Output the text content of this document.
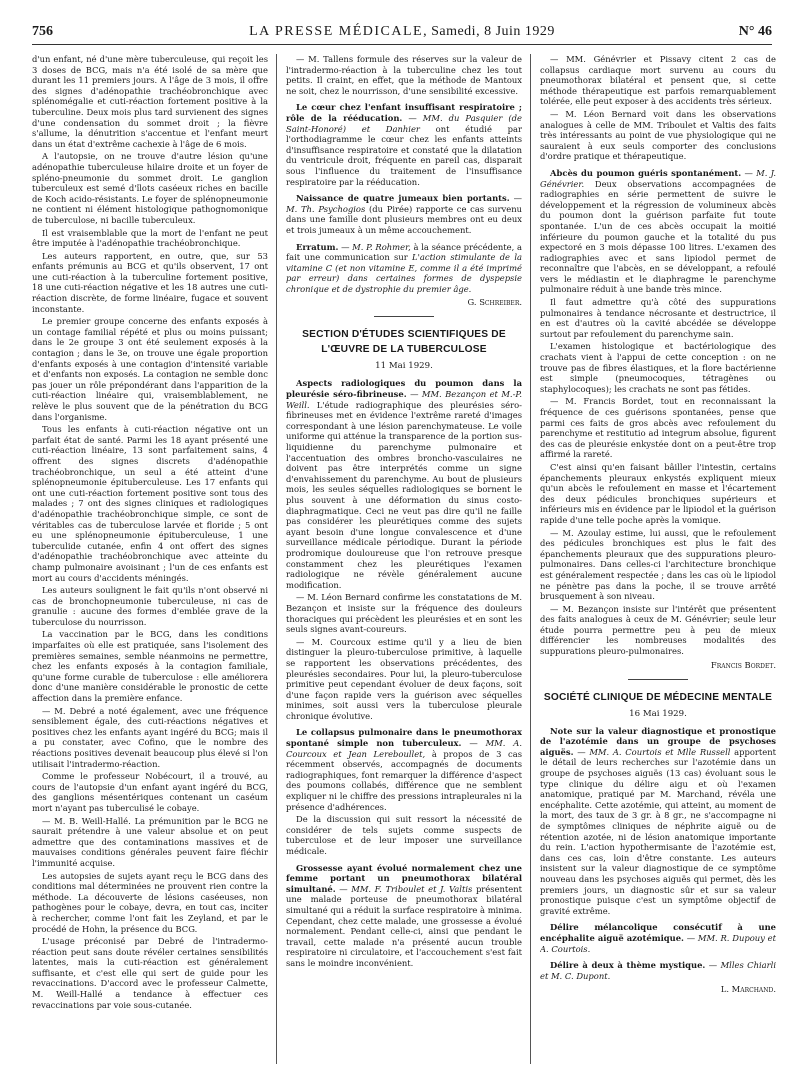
756	LA PRESSE MÉDICALE, Samedi, 8 Juin 1929	N° 46

d'un enfant, né d'une mère tuberculeuse, qui reçoit les 3 doses de BCG, mais n'a été isolé de sa mère que durant les 11 premiers jours. A l'âge de 3 mois, il offre des signes d'adénopathie trachéobronchique avec splénomégalie et cuti-réaction fortement positive à la tuberculine. Deux mois plus tard survienent des signes d'une condensation du sommet droit ; la fièvre s'allume, la dénutrition s'accentue et l'enfant meurt dans un état d'extrême cachexie à l'âge de 6 mois.

A l'autopsie, on ne trouve d'autre lésion qu'une adénopathie tuberculeuse hilaire droite et un foyer de spléno-pneumonie du sommet droit. Le ganglion tuberculeux est semé d'îlots caséeux riches en bacille de Koch acido-résistants. Le foyer de splénopneumonie ne contient ni élément histologique pathognomonique de tuberculose, ni bacille tuberculeux.

Il est vraisemblable que la mort de l'enfant ne peut être imputée à l'adénopathie trachéobronchique.

Les auteurs rapportent, en outre, que, sur 53 enfants prémunis au BCG et qu'ils observent, 17 ont une cuti-réaction à la tuberculine fortement positive, 18 une cuti-réaction négative et les 18 autres une cuti-réaction discrète, de forme linéaire, fugace et souvent inconstante.

Le premier groupe concerne des enfants exposés à un contage familial répété et plus ou moins puissant; dans le 2e groupe 3 ont été seulement exposés à la contagion ; dans le 3e, on trouve une égale proportion d'enfants exposés à une contagion d'intensité variable et d'enfants non exposés. La contagion ne semble donc pas jouer un rôle prépondérant dans l'apparition de la cuti-réaction linéaire qui, vraisemblablement, ne relève le plus souvent que de la pénétration du BCG dans l'organisme.

Tous les enfants à cuti-réaction négative ont un parfait état de santé. Parmi les 18 ayant présenté une cuti-réaction linéaire, 13 sont parfaitement sains, 4 offrent des signes discrets d'adénopathie trachéobronchique, un seul a été atteint d'une splénopneumonie épituberculeuse. Les 17 enfants qui ont une cuti-réaction fortement positive sont tous des malades ; 7 ont des signes cliniques et radiologiques d'adénopathie trachéobronchique simple, ce sont de véritables cas de tuberculose larvée et floride ; 5 ont eu une splénopneumonie épituberculeuse, 1 une tuberculide cutanée, enfin 4 ont offert des signes d'adénopathie trachéobronchique avec atteinte du champ pulmonaire avoisinant ; l'un de ces enfants est mort au cours d'accidents méningés.

Les auteurs soulignent le fait qu'ils n'ont observé ni cas de bronchopneumonie tuberculeuse, ni cas de granulie : aucune des formes d'emblée grave de la tuberculose du nourrisson.

La vaccination par le BCG, dans les conditions imparfaites où elle est pratiquée, sans l'isolement des premières semaines, semble néanmoins ne permettre, chez les enfants exposés à la contagion familiale, qu'une forme curable de tuberculose : elle améliorera donc d'une manière considérable le pronostic de cette affection dans la première enfance.

— M. Debré a noté également, avec une fréquence sensiblement égale, des cuti-réactions négatives et positives chez les enfants ayant ingéré du BCG; mais il a pu constater, avec Cofino, que le nombre des réactions positives devenait beaucoup plus élevé si l'on utilisait l'intradermo-réaction.

Comme le professeur Nobécourt, il a trouvé, au cours de l'autopsie d'un enfant ayant ingéré du BCG, des ganglions mésentériques contenant un caséum mort n'ayant pas tuberculisé le cobaye.

— M. B. Weill-Hallé. La prémunition par le BCG ne saurait prétendre à une valeur absolue et on peut admettre que des contaminations massives et de mauvaises conditions générales peuvent faire fléchir l'immunité acquise.

Les autopsies de sujets ayant reçu le BCG dans des conditions mal déterminées ne prouvent rien contre la méthode. La découverte de lésions caséeuses, non pathogènes pour le cobaye, devra, en tout cas, inciter à rechercher, comme l'ont fait les Zeyland, et par le procédé de Hohn, la présence du BCG.

L'usage préconisé par Debré de l'intradermo-réaction peut sans doute révéler certaines sensibilités latentes, mais la cuti-réaction est généralement suffisante, et c'est elle qui sert de guide pour les revaccinations. D'accord avec le professeur Calmette, M. Weill-Hallé a tendance à effectuer ces revaccinations par voie sous-cutanée.

— M. Tallens formule des réserves sur la valeur de l'intradermo-réaction à la tuberculine chez les tout petits. Il craint, en effet, que la méthode de Mantoux ne soit, chez le nourrisson, d'une sensibilité excessive.

Le cœur chez l'enfant insuffisant respiratoire ; rôle de la rééducation. — MM. du Pasquier (de Saint-Honoré) et Danhier ont étudié par l'orthodiagramme le cœur chez les enfants atteints d'insuffisance respiratoire et constaté que la dilatation du ventricule droit, fréquente en pareil cas, disparait sous l'influence du traitement de l'insuffisance respiratoire par la rééducation.

Naissance de quatre jumeaux bien portants. — M. Th. Psychogios (du Pirée) rapporte ce cas survenu dans une famille dont plusieurs membres ont eu deux et trois jumeaux à un même accouchement.

Erratum. — M. P. Rohmer, à la séance précédente, a fait une communication sur L'action stimulante de la vitamine C (et non vitamine E, comme il a été imprimé par erreur) dans certaines formes de dyspepsie chronique et de dystrophie du premier âge.

G. Schreiber.
SECTION D'ÉTUDES SCIENTIFIQUES DE L'ŒUVRE DE LA TUBERCULOSE
11 Mai 1929.

Aspects radiologiques du poumon dans la pleurésie séro-fibrineuse. — MM. Bezançon et M.-P. Weill. L'étude radiographique des pleurésies séro-fibrineuses met en évidence l'extrême rareté d'images correspondant à une lésion parenchymateuse. Le voile uniforme qui atténue la transparence de la portion sus-liquidienne du parenchyme pulmonaire et l'accentuation des ombres broncho-vasculaires ne doivent pas être interprétés comme un signe d'envahissement du parenchyme. Au bout de plusieurs mois, les seules séquelles radiologiques se bornent le plus souvent à une déformation du sinus costo-diaphragmatique. Ceci ne veut pas dire qu'il ne faille pas considérer les pleurétiques comme des sujets ayant besoin d'une longue convalescence et d'une surveillance médicale périodique. Durant la période prodromique douloureuse que l'on retrouve presque constamment chez les pleurétiques l'examen radiologique ne révèle généralement aucune modification.

— M. Léon Bernard confirme les constatations de M. Bezançon et insiste sur la fréquence des douleurs thoraciques qui précèdent les pleurésies et en sont les seuls signes avant-coureurs.

— M. Courcoux estime qu'il y a lieu de bien distinguer la pleuro-tuberculose primitive, à laquelle se rapportent les observations précédentes, des pleurésies secondaires. Pour lui, la pleuro-tuberculose primitive peut cependant évoluer de deux façons, soit d'une façon rapide vers la guérison avec séquelles minimes, soit aussi vers la tuberculose pleurale chronique évolutive.

Le collapsus pulmonaire dans le pneumothorax spontané simple non tuberculeux. — MM. A. Courcoux et Jean Lereboullet, à propos de 3 cas récemment observés, accompagnés de documents radiographiques, font remarquer la différence d'aspect des poumons collabés, différence que ne semblent expliquer ni le chiffre des pressions intrapleurales ni la présence d'adhérences.

De la discussion qui suit ressort la nécessité de considérer de tels sujets comme suspects de tuberculose et de leur imposer une surveillance médicale.

Grossesse ayant évolué normalement chez une femme portant un pneumothorax bilatéral simultané. — MM. F. Triboulet et J. Valtis présentent une malade porteuse de pneumothorax bilatéral simultané qui a réduit la surface respiratoire à minima. Cependant, chez cette malade, une grossesse a évolué normalement. Pendant celle-ci, ainsi que pendant le travail, cette malade n'a présenté aucun trouble respiratoire ni circulatoire, et l'accouchement s'est fait sans le moindre inconvénient.

— MM. Génévrier et Pissavy citent 2 cas de collapsus cardiaque mort survenu au cours du pneumothorax bilatéral et pensent que, si cette méthode thérapeutique est parfois remarquablement tolérée, elle peut exposer à des accidents très sérieux.

— M. Léon Bernard voit dans les observations analogues à celle de MM. Triboulet et Valtis des faits très intéressants au point de vue physiologique qui ne sauraient à eux seuls comporter des conclusions d'ordre pratique et thérapeutique.

Abcès du poumon guéris spontanément. — M. J. Génévrier. Deux observations accompagnées de radiographies en série permettent de suivre le développement et la régression de volumineux abcès du poumon dont la guérison parfaite fut toute spontanée. L'un de ces abcès occupait la moitié inférieure du poumon gauche et la totalité du pus expectoré en 3 mois dépasse 100 litres. L'examen des radiographies avec et sans lipiodol permet de reconnaître que l'abcès, en se développant, a refoulé vers le médiastin et le diaphragme le parenchyme pulmonaire réduit à une bande très mince.

Il faut admettre qu'à côté des suppurations pulmonaires à tendance nécrosante et destructrice, il en est d'autres où la cavité abcédée se développe surtout par refoulement du parenchyme sain.

L'examen histologique et bactériologique des crachats vient à l'appui de cette conception : on ne trouve pas de fibres élastiques, et la flore bactérienne est simple (pneumocoques, tétragènes ou staphylocoques); les crachats ne sont pas fétides.

— M. Francis Bordet, tout en reconnaissant la fréquence de ces guérisons spontanées, pense que parmi ces faits de gros abcès avec refoulement du parenchyme et restitutio ad integrum absolue, figurent des cas de pleurésie enkystée dont on a peut-être trop affirmé la rareté.

C'est ainsi qu'en faisant bâiller l'intestin, certains épanchements pleuraux enkystés expliquent mieux qu'un abcès le refoulement en masse et l'écartement des deux pédicules bronchiques supérieurs et inférieurs mis en évidence par le lipiodol et la guérison rapide d'une telle poche après la vomique.

— M. Azoulay estime, lui aussi, que le refoulement des pédicules bronchiques est plus le fait des épanchements pleuraux que des suppurations pleuro-pulmonaires. Dans celles-ci l'architecture bronchique est généralement respectée ; dans les cas où le lipiodol ne pénètre pas dans la poche, il se trouve arrêté brusquement à son niveau.

— M. Bezançon insiste sur l'intérêt que présentent des faits analogues à ceux de M. Génévrier; seule leur étude pourra permettre peu à peu de mieux différencier les nombreuses modalités des suppurations pleuro-pulmonaires.

Francis Bordet.
SOCIÉTÉ CLINIQUE DE MÉDECINE MENTALE
16 Mai 1929.

Note sur la valeur diagnostique et pronostique de l'azotémie dans un groupe de psychoses aiguës. — MM. A. Courtois et Mlle Russell apportent le détail de leurs recherches sur l'azotémie dans un groupe de psychoses aiguës (13 cas) évoluant sous le type clinique du délire aigu et où l'examen anatomique, pratiqué par M. Marchand, révéla une encéphalite. Cette azotémie, qui atteint, au moment de la mort, des taux de 3 gr. à 8 gr., ne s'accompagne ni de symptômes cliniques de néphrite aiguë ou de rétention azotée, ni de lésion anatomique importante du rein. L'action hypothermisante de l'azotémie est, dans ces cas, loin d'être constante. Les auteurs insistent sur la valeur diagnostique de ce symptôme nouveau dans les psychoses aiguës qui permet, dès les premiers jours, un diagnostic sûr et sur sa valeur pronostique puisque c'est un symptôme objectif de gravité extrême.

Délire mélancolique consécutif à une encéphalite aiguë azotémique. — MM. R. Dupouy et A. Courtois.

Délire à deux à thème mystique. — Mlles Chiarli et M. C. Dupont.

L. Marchand.
